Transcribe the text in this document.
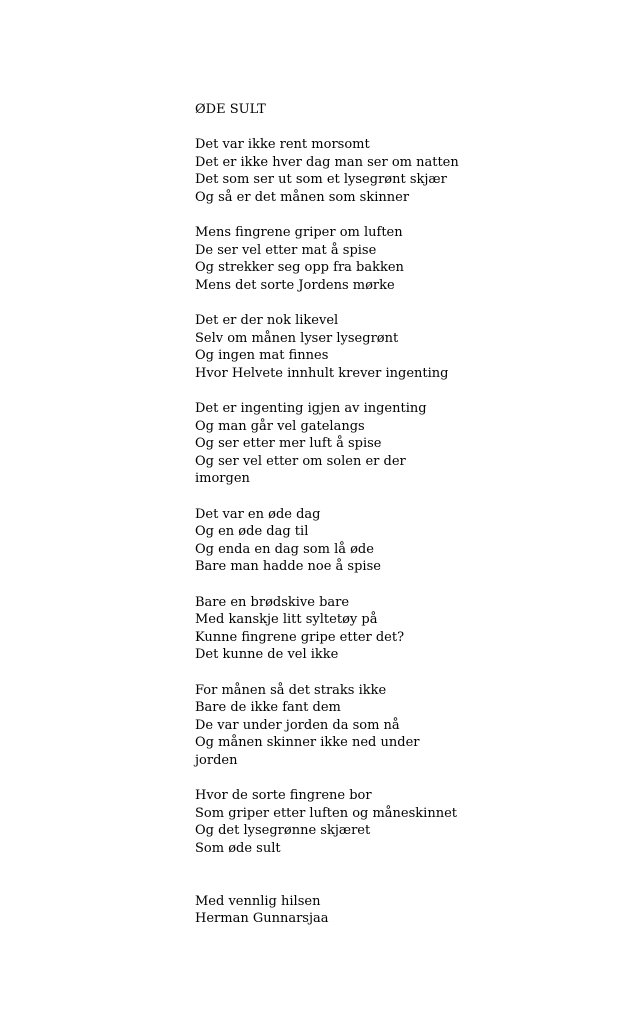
ØDE SULT
Det var ikke rent morsomt
Det er ikke hver dag man ser om natten
Det som ser ut som et lysegrønt skjær
Og så er det månen som skinner
Mens fingrene griper om luften
De ser vel etter mat å spise
Og strekker seg opp fra bakken
Mens det sorte Jordens mørke
Det er der nok likevel
Selv om månen lyser lysegrønt
Og ingen mat finnes
Hvor Helvete innhult krever ingenting
Det er ingenting igjen av ingenting
Og man går vel gatelangs
Og ser etter mer luft å spise
Og ser vel etter om solen er der
imorgen
Det var en øde dag
Og en øde dag til
Og enda en dag som lå øde
Bare man hadde noe å spise
Bare en brødskive bare
Med kanskje litt syltetøy på
Kunne fingrene gripe etter det?
Det kunne de vel ikke
For månen så det straks ikke
Bare de ikke fant dem
De var under jorden da som nå
Og månen skinner ikke ned under
jorden
Hvor de sorte fingrene bor
Som griper etter luften og måneskinnet
Og det lysegrønne skjæret
Som øde sult
Med vennlig hilsen
Herman Gunnarsjaa
